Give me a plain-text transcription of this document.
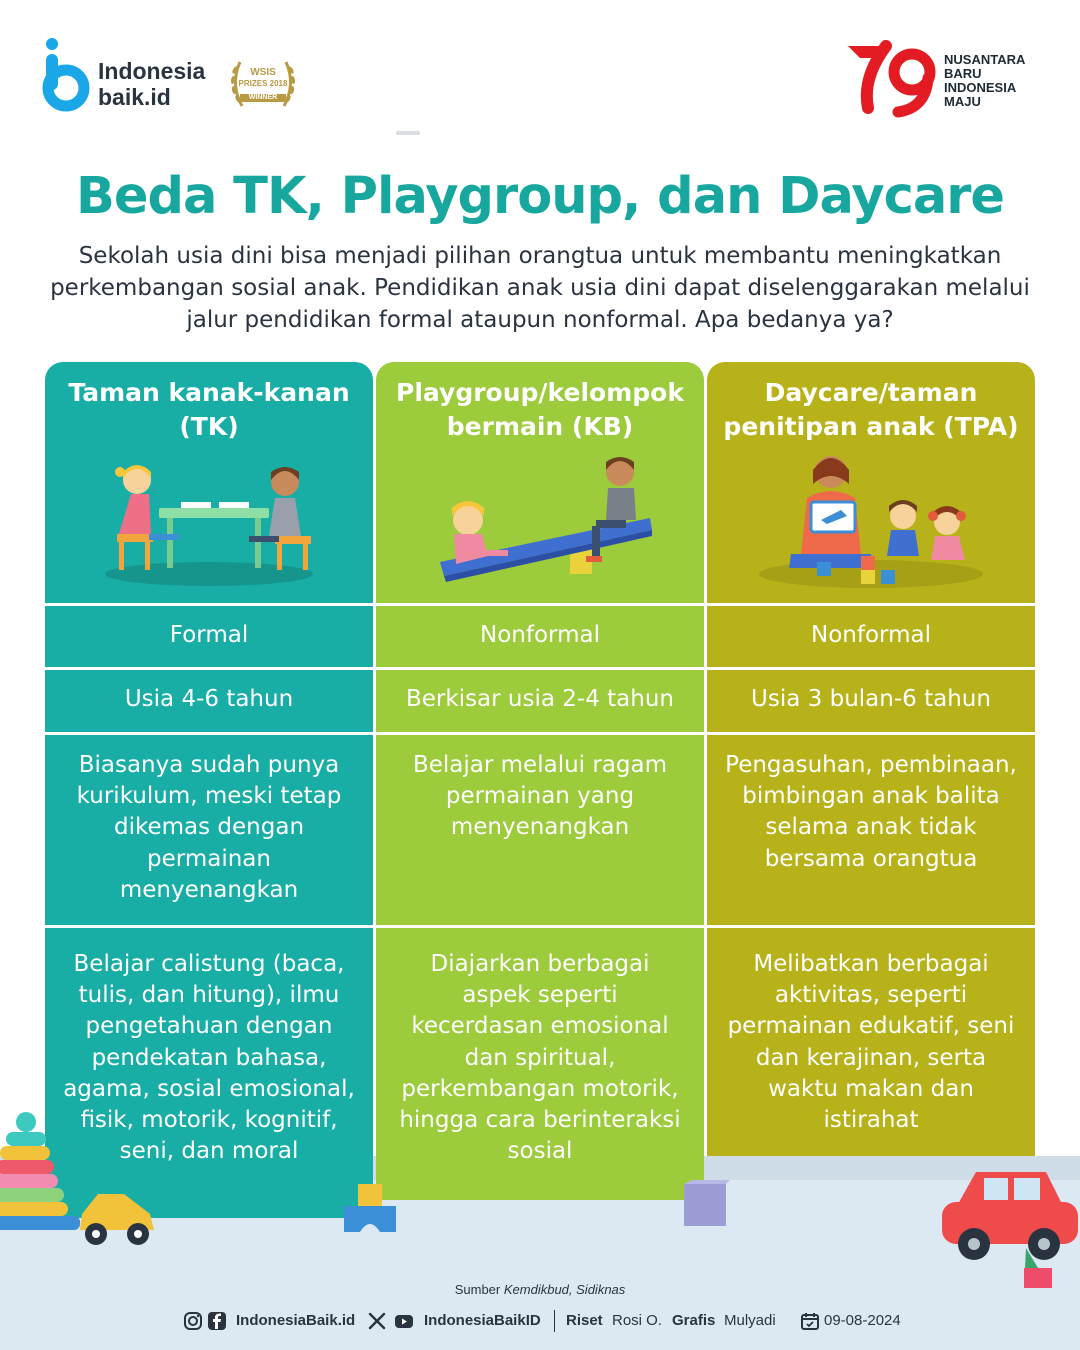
Indonesia
baik.id
WSIS
PRIZES 2018
WINNER
NUSANTARA
BARU
INDONESIA
MAJU
Beda TK, Playgroup, dan Daycare
Sekolah usia dini bisa menjadi pilihan orangtua untuk membantu meningkatkan perkembangan sosial anak. Pendidikan anak usia dini dapat diselenggarakan melalui jalur pendidikan formal ataupun nonformal. Apa bedanya ya?
Taman kanak-kanan (TK)
Playgroup/kelompok bermain (KB)
Daycare/taman penitipan anak (TPA)
Formal
Usia 4-6 tahun
Biasanya sudah punya kurikulum, meski tetap dikemas dengan permainan menyenangkan
Belajar calistung (baca, tulis, dan hitung), ilmu pengetahuan dengan pendekatan bahasa, agama, sosial emosional, fisik, motorik, kognitif, seni, dan moral
Nonformal
Berkisar usia 2-4 tahun
Belajar melalui ragam permainan yang menyenangkan
Diajarkan berbagai aspek seperti kecerdasan emosional dan spiritual, perkembangan motorik, hingga cara berinteraksi sosial
Nonformal
Usia 3 bulan-6 tahun
Pengasuhan, pembinaan, bimbingan anak balita selama anak tidak bersama orangtua
Melibatkan berbagai aktivitas, seperti permainan edukatif, seni dan kerajinan, serta waktu makan dan istirahat
Sumber Kemdikbud, Sidiknas
IndonesiaBaik.id	IndonesiaBaikID Riset Rosi O. Grafis Mulyadi	09-08-2024
